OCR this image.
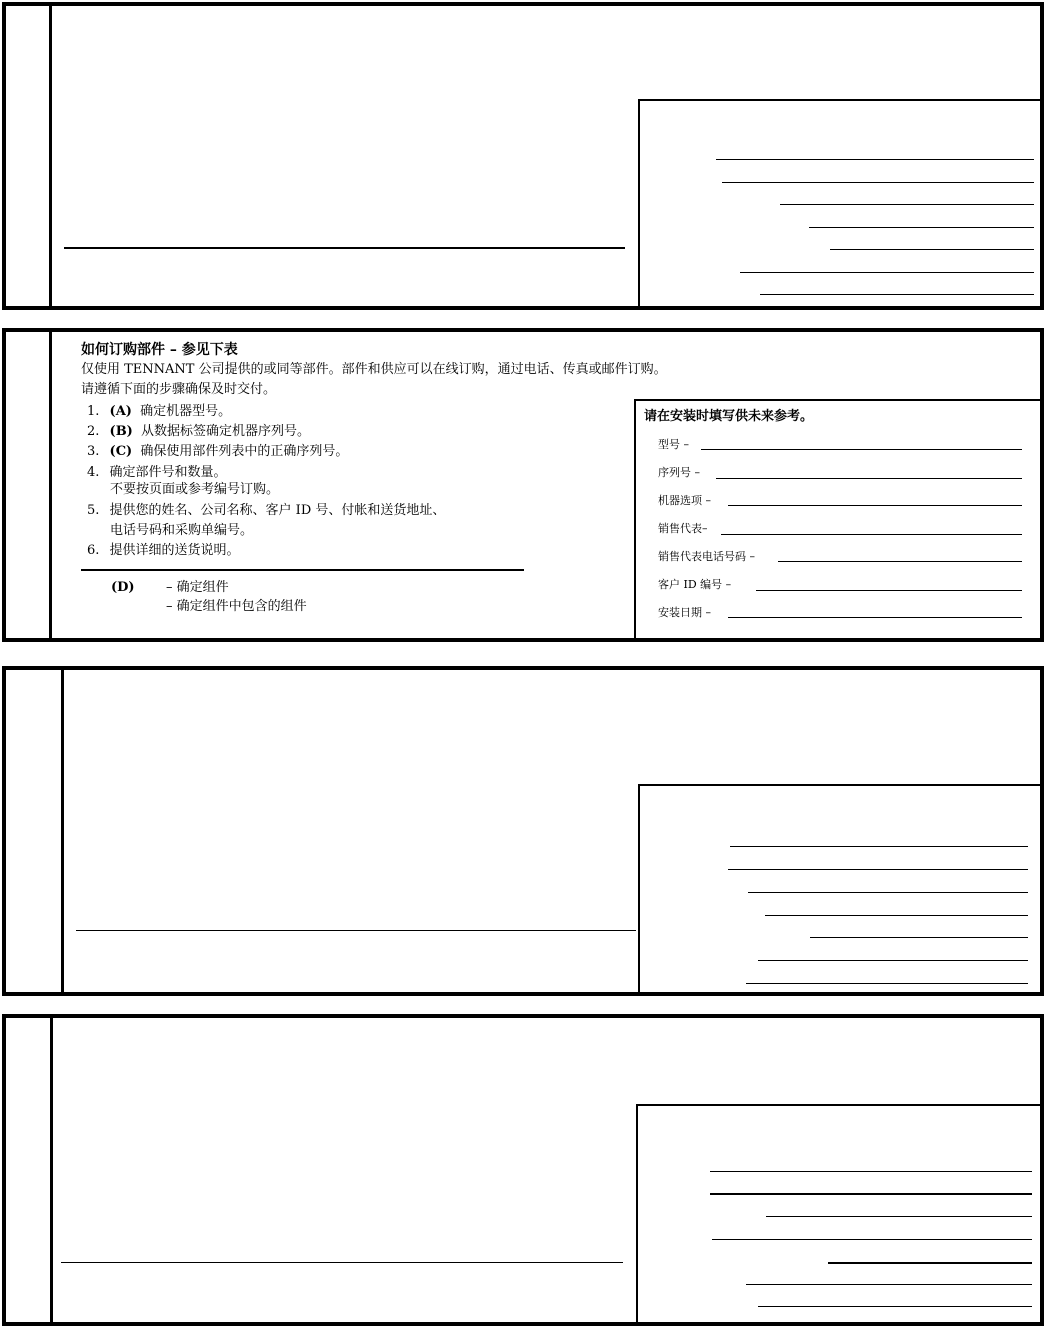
如何订购部件 – 参见下表
仅使用 TENNANT 公司提供的或同等部件。部件和供应可以在线订购，通过电话、传真或邮件订购。
请遵循下面的步骤确保及时交付。
1. (A) 确定机器型号。
2. (B) 从数据标签确定机器序列号。
3. (C) 确保使用部件列表中的正确序列号。
4. 确定部件号和数量。
不要按页面或参考编号订购。
5. 提供您的姓名、公司名称、客户 ID 号、付帐和送货地址、
电话号码和采购单编号。
6. 提供详细的送货说明。
(D) – 确定组件
– 确定组件中包含的组件
请在安装时填写供未来参考。
型号 –
序列号 –
机器选项 –
销售代表–
销售代表电话号码 –
客户 ID 编号 –
安装日期 –
